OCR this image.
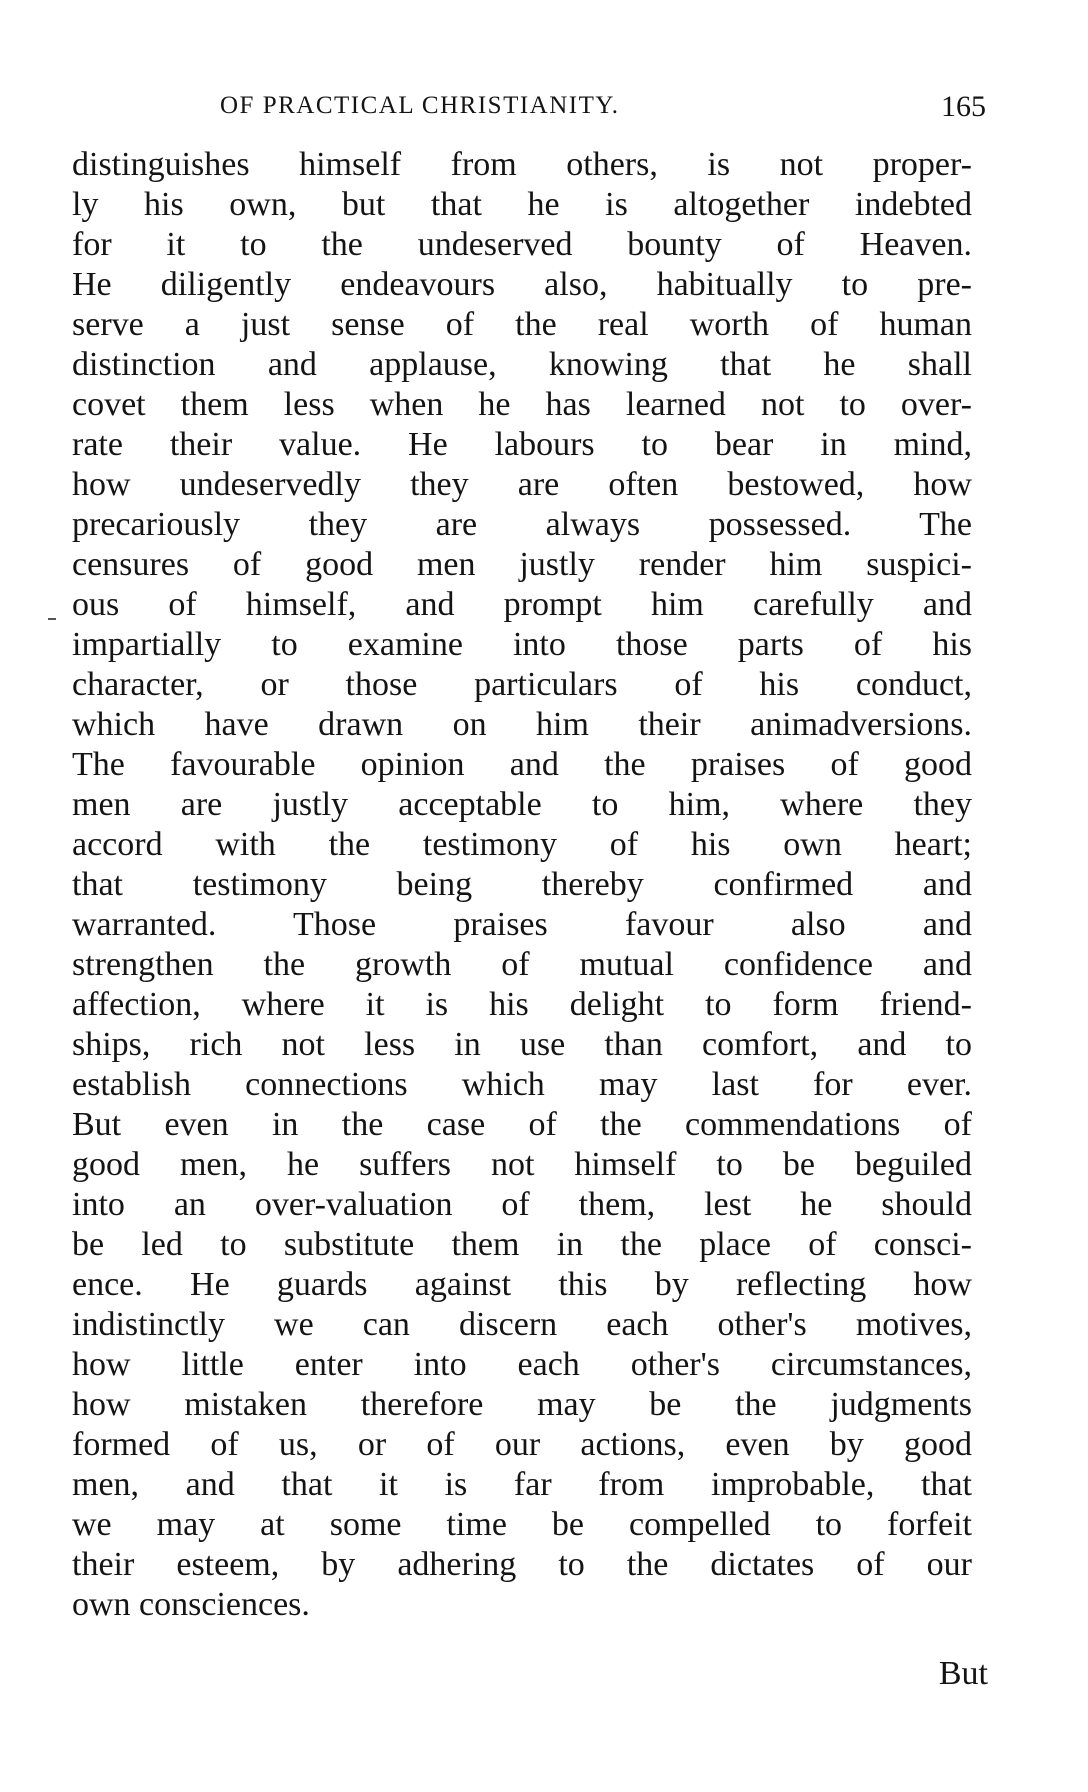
OF PRACTICAL CHRISTIANITY.	165
distinguishes himself from others, is not proper-
ly his own, but that he is altogether indebted
for it to the undeserved bounty of Heaven.
He diligently endeavours also, habitually to pre-
serve a just sense of the real worth of human
distinction and applause, knowing that he shall
covet them less when he has learned not to over-
rate their value. He labours to bear in mind,
how undeservedly they are often bestowed, how
precariously they are always possessed. The
censures of good men justly render him suspici-
ous of himself, and prompt him carefully and
impartially to examine into those parts of his
character, or those particulars of his conduct,
which have drawn on him their animadversions.
The favourable opinion and the praises of good
men are justly acceptable to him, where they
accord with the testimony of his own heart;
that testimony being thereby confirmed and
warranted. Those praises favour also and
strengthen the growth of mutual confidence and
affection, where it is his delight to form friend-
ships, rich not less in use than comfort, and to
establish connections which may last for ever.
But even in the case of the commendations of
good men, he suffers not himself to be beguiled
into an over-valuation of them, lest he should
be led to substitute them in the place of consci-
ence. He guards against this by reflecting how
indistinctly we can discern each other's motives,
how little enter into each other's circumstances,
how mistaken therefore may be the judgments
formed of us, or of our actions, even by good
men, and that it is far from improbable, that
we may at some time be compelled to forfeit
their esteem, by adhering to the dictates of our
own consciences.
But
